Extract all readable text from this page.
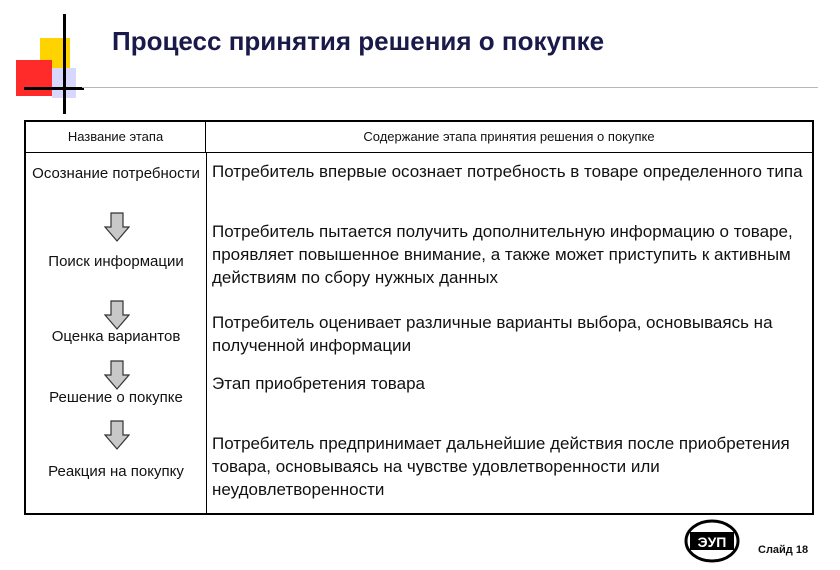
Процесс принятия решения о покупке
Название этапа	Содержание этапа принятия решения о покупке
Осознание потребности Потребитель впервые осознает потребность в товаре определенного типа
Поиск информации
Потребитель пытается получить дополнительную информацию о товаре, проявляет повышенное внимание, а также может приступить к активным действиям по сбору нужных данных
Оценка вариантов
Потребитель оценивает различные варианты выбора, основываясь на полученной информации
Решение о покупке
Этап приобретения товара
Реакция на покупку
Потребитель предпринимает дальнейшие действия после приобретения товара, основываясь на чувстве удовлетворенности или неудовлетворенности
ЭУП	Слайд 18
